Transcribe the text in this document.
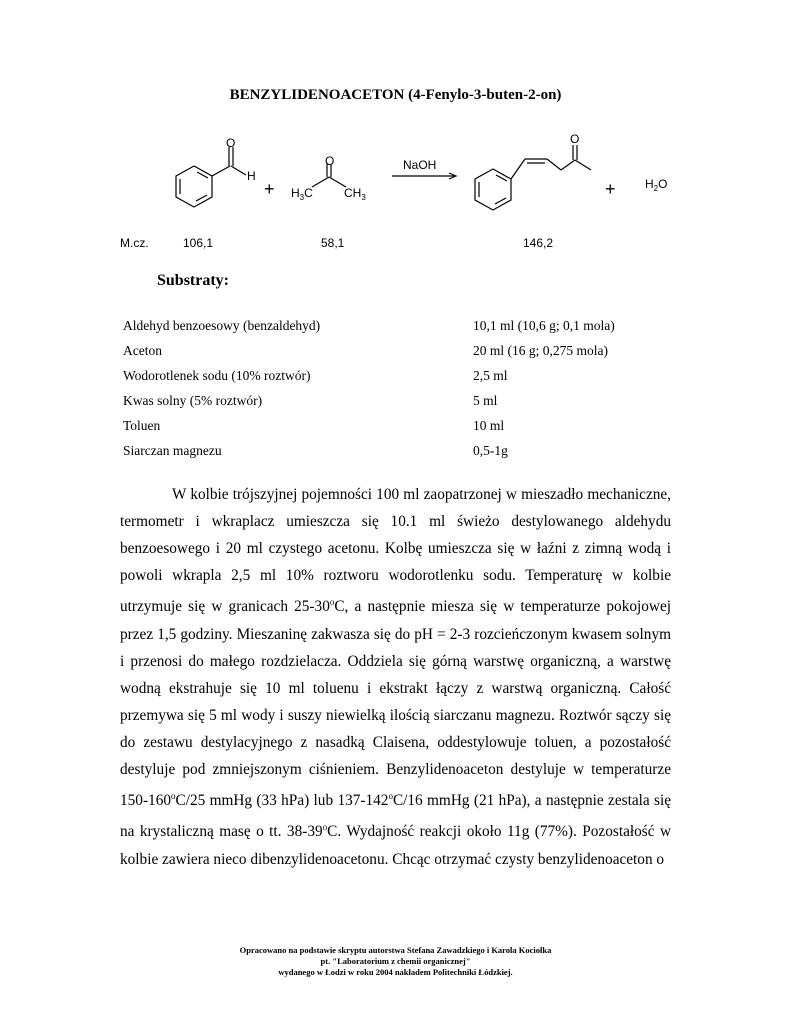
BENZYLIDENOACETON (4-Fenylo-3-buten-2-on)
O
H
+
O
H3C	CH3
NaOH
O
+ H2O
M.cz.	106,1	58,1	146,2
Substraty:
Aldehyd benzoesowy (benzaldehyd)	10,1 ml (10,6 g; 0,1 mola)
Aceton	20 ml (16 g; 0,275 mola)
Wodorotlenek sodu (10% roztwór)	2,5 ml
Kwas solny (5% roztwór)	5 ml
Toluen	10 ml
Siarczan magnezu	0,5-1g

W kolbie trójszyjnej pojemności 100 ml zaopatrzonej w mieszadło mechaniczne, termometr i wkraplacz umieszcza się 10.1 ml świeżo destylowanego aldehydu benzoesowego i 20 ml czystego acetonu. Kolbę umieszcza się w łaźni z zimną wodą i powoli wkrapla 2,5 ml 10% roztworu wodorotlenku sodu. Temperaturę w kolbie utrzymuje się w granicach 25-30$^o$C, a następnie miesza się w temperaturze pokojowej przez 1,5 godziny. Mieszaninę zakwasza się do pH = 2-3 rozcieńczonym kwasem solnym i przenosi do małego rozdzielacza. Oddziela się górną warstwę organiczną, a warstwę wodną ekstrahuje się 10 ml toluenu i ekstrakt łączy z warstwą organiczną. Całość przemywa się 5 ml wody i suszy niewielką ilością siarczanu magnezu. Roztwór sączy się do zestawu destylacyjnego z nasadką Claisena, oddestylowuje toluen, a pozostałość destyluje pod zmniejszonym ciśnieniem. Benzylidenoaceton destyluje w temperaturze 150-160$^o$C/25 mmHg (33 hPa) lub 137-142$^o$C/16 mmHg (21 hPa), a następnie zestala się na krystaliczną masę o tt. 38-39$^o$C. Wydajność reakcji około 11g (77%). Pozostałość w kolbie zawiera nieco dibenzylidenoacetonu. Chcąc otrzymać czysty benzylidenoaceton o

Opracowano na podstawie skryptu autorstwa Stefana Zawadzkiego i Karola Kociołka
pt. "Laboratorium z chemii organicznej"
wydanego w Łodzi w roku 2004 nakładem Politechniki Łódzkiej.
